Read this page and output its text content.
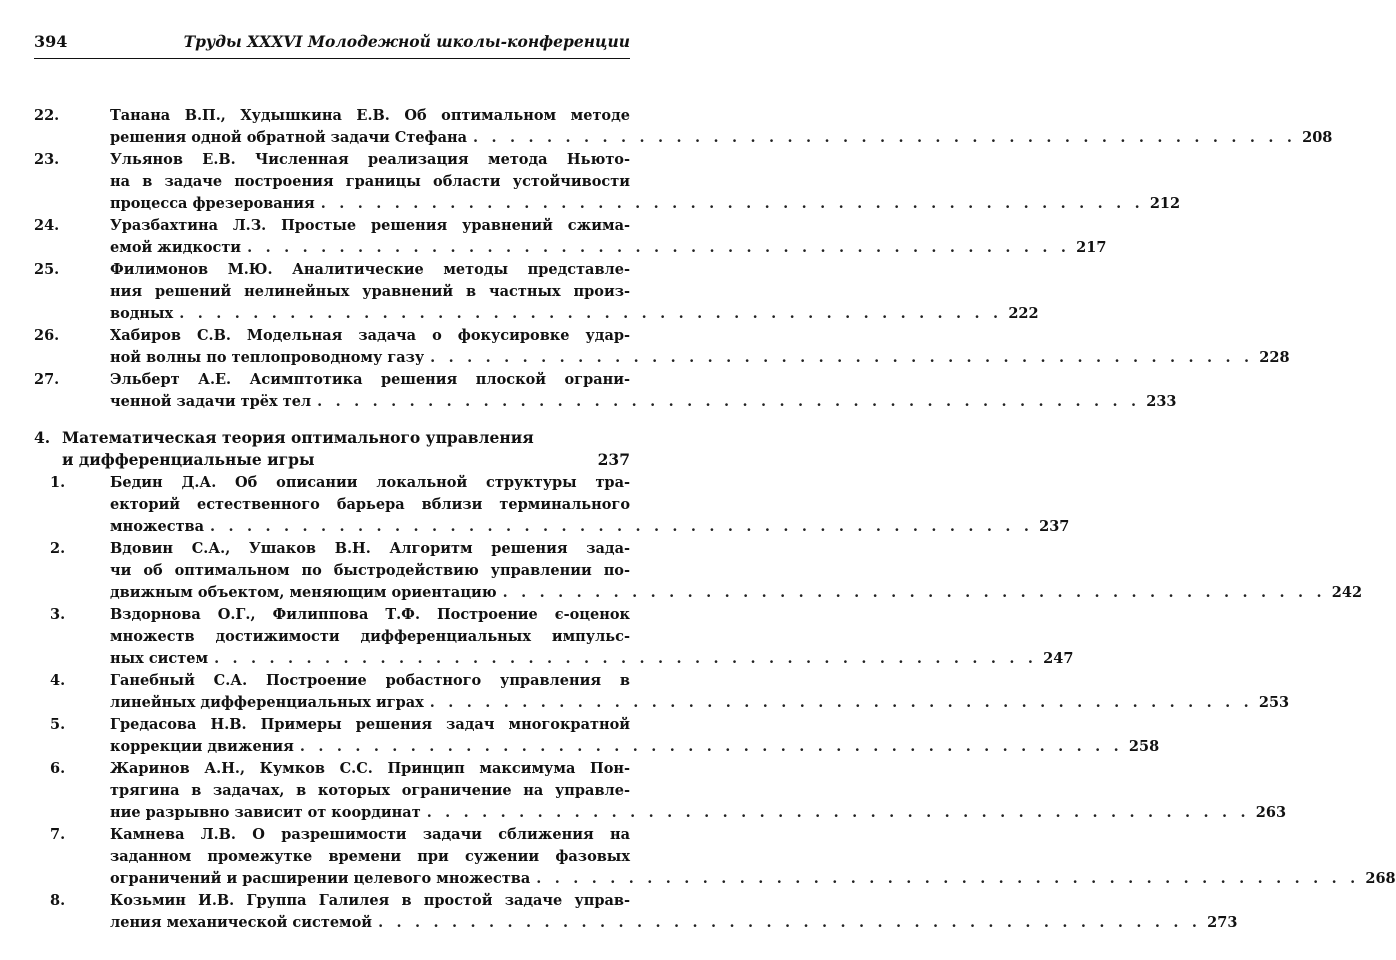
394	Труды XXXVI Молодежной школы-конференции
22.	Танана В.П., Худышкина Е.В. Об оптимальном методе
решения одной обратной задачи Стефана . . . . . . . . . . . . . . . . . . . . . . . . . . . . . . . . . . . . . . . . . . . . . 208
23.	Ульянов Е.В. Численная реализация метода Ньюто-
на в задаче построения границы области устойчивости
процесса фрезерования . . . . . . . . . . . . . . . . . . . . . . . . . . . . . . . . . . . . . . . . . . . . . 212
24.	Уразбахтина Л.З. Простые решения уравнений сжима-
емой жидкости . . . . . . . . . . . . . . . . . . . . . . . . . . . . . . . . . . . . . . . . . . . . . 217
25.	Филимонов М.Ю. Аналитические методы представле-
ния решений нелинейных уравнений в частных произ-
водных . . . . . . . . . . . . . . . . . . . . . . . . . . . . . . . . . . . . . . . . . . . . . 222
26.	Хабиров С.В. Модельная задача о фокусировке удар-
ной волны по теплопроводному газу . . . . . . . . . . . . . . . . . . . . . . . . . . . . . . . . . . . . . . . . . . . . . 228
27.	Эльберт А.Е. Асимптотика решения плоской ограни-
ченной задачи трёх тел . . . . . . . . . . . . . . . . . . . . . . . . . . . . . . . . . . . . . . . . . . . . . 233
4. Математическая теория оптимального управления
и дифференциальные игры	237
1.	Бедин Д.А. Об описании локальной структуры тра-
екторий естественного барьера вблизи терминального
множества . . . . . . . . . . . . . . . . . . . . . . . . . . . . . . . . . . . . . . . . . . . . . 237
2.	Вдовин С.А., Ушаков В.Н. Алгоритм решения зада-
чи об оптимальном по быстродействию управлении по-
движным объектом, меняющим ориентацию . . . . . . . . . . . . . . . . . . . . . . . . . . . . . . . . . . . . . . . . . . . . . 242
3.	Вздорнова О.Г., Филиппова Т.Ф. Построение ϵ-оценок
множеств достижимости дифференциальных импульс-
ных систем . . . . . . . . . . . . . . . . . . . . . . . . . . . . . . . . . . . . . . . . . . . . . 247
4.	Ганебный С.А. Построение робастного управления в
линейных дифференциальных играх . . . . . . . . . . . . . . . . . . . . . . . . . . . . . . . . . . . . . . . . . . . . . 253
5.	Гредасова Н.В. Примеры решения задач многократной
коррекции движения . . . . . . . . . . . . . . . . . . . . . . . . . . . . . . . . . . . . . . . . . . . . . 258
6.	Жаринов А.Н., Кумков С.С. Принцип максимума Пон-
трягина в задачах, в которых ограничение на управле-
ние разрывно зависит от координат . . . . . . . . . . . . . . . . . . . . . . . . . . . . . . . . . . . . . . . . . . . . . 263
7.	Камнева Л.В. О разрешимости задачи сближения на
заданном промежутке времени при сужении фазовых
ограничений и расширении целевого множества . . . . . . . . . . . . . . . . . . . . . . . . . . . . . . . . . . . . . . . . . . . . . 268
8.	Козьмин И.В. Группа Галилея в простой задаче управ-
ления механической системой . . . . . . . . . . . . . . . . . . . . . . . . . . . . . . . . . . . . . . . . . . . . . 273
